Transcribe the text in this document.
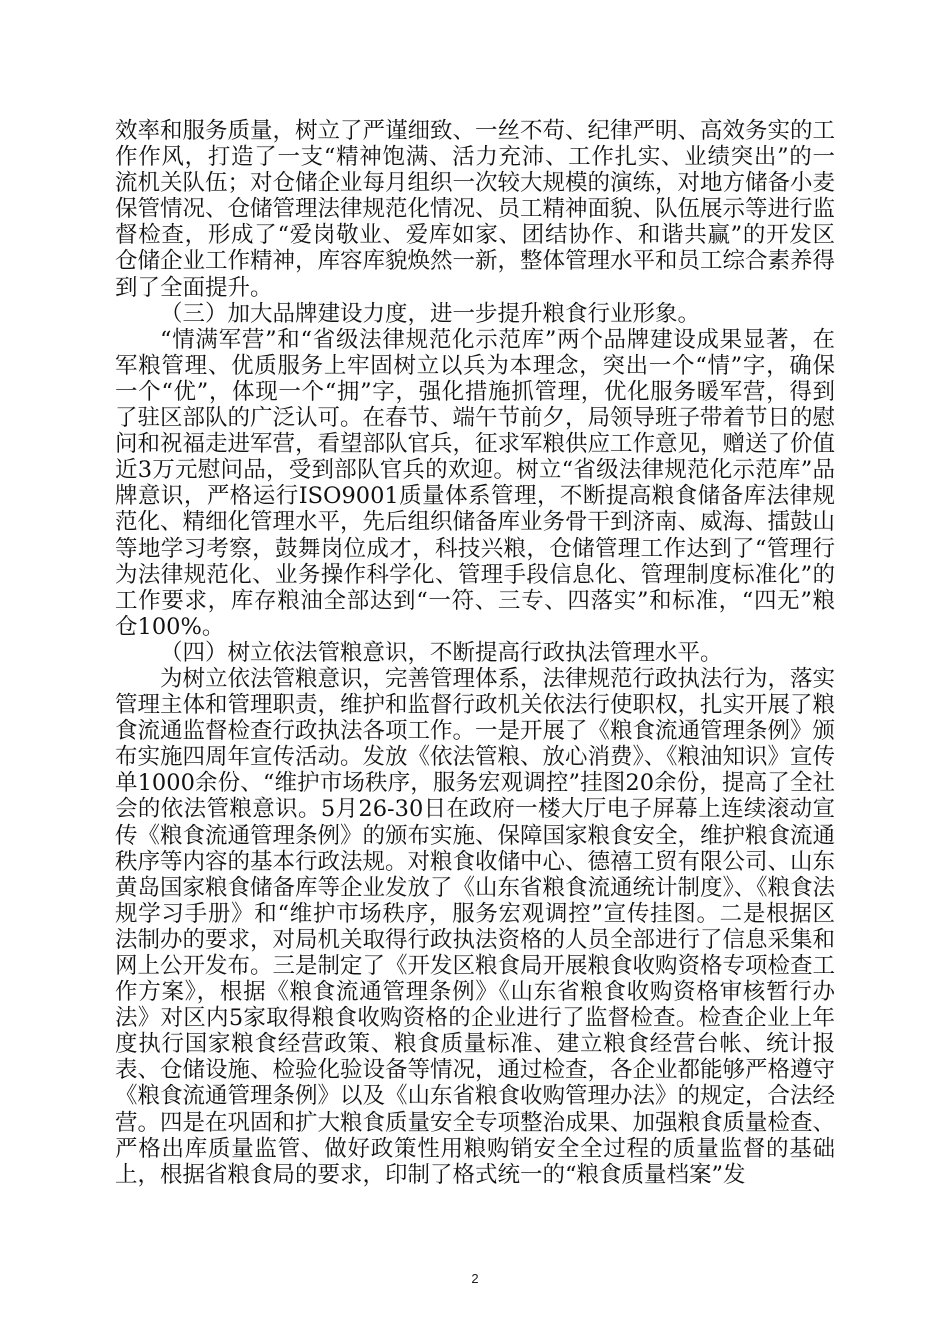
效率和服务质量，树立了严谨细致、一丝不苟、纪律严明、高效务实的工作作风，打造了一支“精神饱满、活力充沛、工作扎实、业绩突出”的一流机关队伍；对仓储企业每月组织一次较大规模的演练，对地方储备小麦保管情况、仓储管理法律规范化情况、员工精神面貌、队伍展示等进行监督检查，形成了“爱岗敬业、爱库如家、团结协作、和谐共赢”的开发区仓储企业工作精神，库容库貌焕然一新，整体管理水平和员工综合素养得到了全面提升。

（三）加大品牌建设力度，进一步提升粮食行业形象。

“情满军营”和“省级法律规范化示范库”两个品牌建设成果显著，在军粮管理、优质服务上牢固树立以兵为本理念，突出一个“情”字，确保一个“优”，体现一个“拥”字，强化措施抓管理，优化服务暖军营，得到了驻区部队的广泛认可。在春节、端午节前夕，局领导班子带着节日的慰问和祝福走进军营，看望部队官兵，征求军粮供应工作意见，赠送了价值近3万元慰问品，受到部队官兵的欢迎。树立“省级法律规范化示范库”品牌意识，严格运行ISO9001质量体系管理，不断提高粮食储备库法律规范化、精细化管理水平，先后组织储备库业务骨干到济南、威海、擂鼓山等地学习考察，鼓舞岗位成才，科技兴粮，仓储管理工作达到了“管理行为法律规范化、业务操作科学化、管理手段信息化、管理制度标准化”的工作要求，库存粮油全部达到“一符、三专、四落实”和标准，“四无”粮仓100%。

（四）树立依法管粮意识，不断提高行政执法管理水平。

为树立依法管粮意识，完善管理体系，法律规范行政执法行为，落实管理主体和管理职责，维护和监督行政机关依法行使职权，扎实开展了粮食流通监督检查行政执法各项工作。一是开展了《粮食流通管理条例》颁布实施四周年宣传活动。发放《依法管粮、放心消费》、《粮油知识》宣传单1000余份、“维护市场秩序，服务宏观调控”挂图20余份，提高了全社会的依法管粮意识。5月26-30日在政府一楼大厅电子屏幕上连续滚动宣传《粮食流通管理条例》的颁布实施、保障国家粮食安全，维护粮食流通秩序等内容的基本行政法规。对粮食收储中心、德禧工贸有限公司、山东黄岛国家粮食储备库等企业发放了《山东省粮食流通统计制度》、《粮食法规学习手册》和“维护市场秩序，服务宏观调控”宣传挂图。二是根据区法制办的要求，对局机关取得行政执法资格的人员全部进行了信息采集和网上公开发布。三是制定了《开发区粮食局开展粮食收购资格专项检查工作方案》，根据《粮食流通管理条例》《山东省粮食收购资格审核暂行办法》对区内5家取得粮食收购资格的企业进行了监督检查。检查企业上年度执行国家粮食经营政策、粮食质量标准、建立粮食经营台帐、统计报表、仓储设施、检验化验设备等情况，通过检查，各企业都能够严格遵守《粮食流通管理条例》以及《山东省粮食收购管理办法》的规定，合法经营。四是在巩固和扩大粮食质量安全专项整治成果、加强粮食质量检查、严格出库质量监管、做好政策性用粮购销安全全过程的质量监督的基础上，根据省粮食局的要求，印制了格式统一的“粮食质量档案”发

2
